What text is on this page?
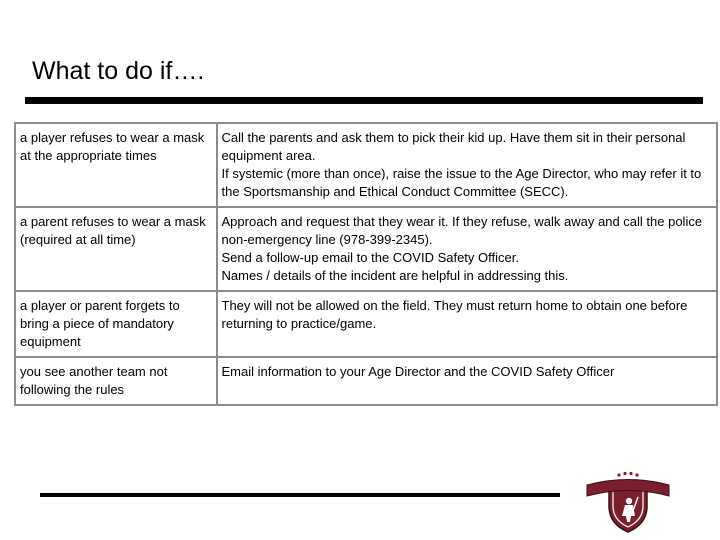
What to do if….
a player refuses to wear a mask at the appropriate times	Call the parents and ask them to pick their kid up. Have them sit in their personal equipment area.
If systemic (more than once), raise the issue to the Age Director, who may refer it to the Sportsmanship and Ethical Conduct Committee (SECC).

a parent refuses to wear a mask (required at all time)	Approach and request that they wear it. If they refuse, walk away and call the police non-emergency line (978-399-2345).
Send a follow-up email to the COVID Safety Officer.
Names / details of the incident are helpful in addressing this.

a player or parent forgets to bring a piece of mandatory equipment	They will not be allowed on the field. They must return home to obtain one before returning to practice/game.

you see another team not following the rules	Email information to your Age Director and the COVID Safety Officer
